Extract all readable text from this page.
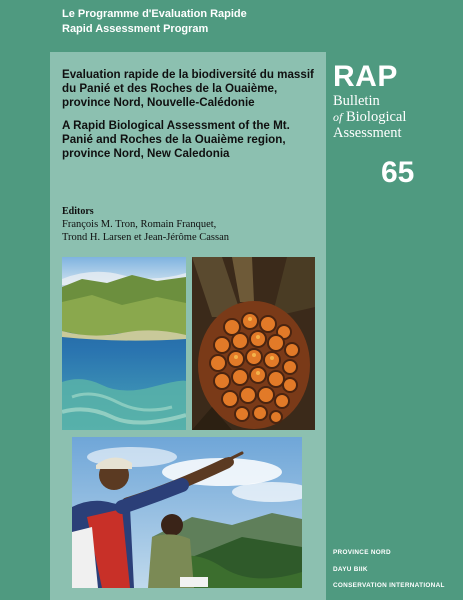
Le Programme d'Evaluation Rapide
Rapid Assessment Program

Evaluation rapide de la biodiversité du massif du Panié et des Roches de la Ouaième, province Nord, Nouvelle-Calédonie

A Rapid Biological Assessment of the Mt. Panié and Roches de la Ouaième region, province Nord, New Caledonia

Editors
François M. Tron, Romain Franquet,
Trond H. Larsen et Jean-Jérôme Cassan
RAP
Bulletin
of Biological
Assessment
65
PROVINCE NORD
DAYU BIIK
CONSERVATION INTERNATIONAL
